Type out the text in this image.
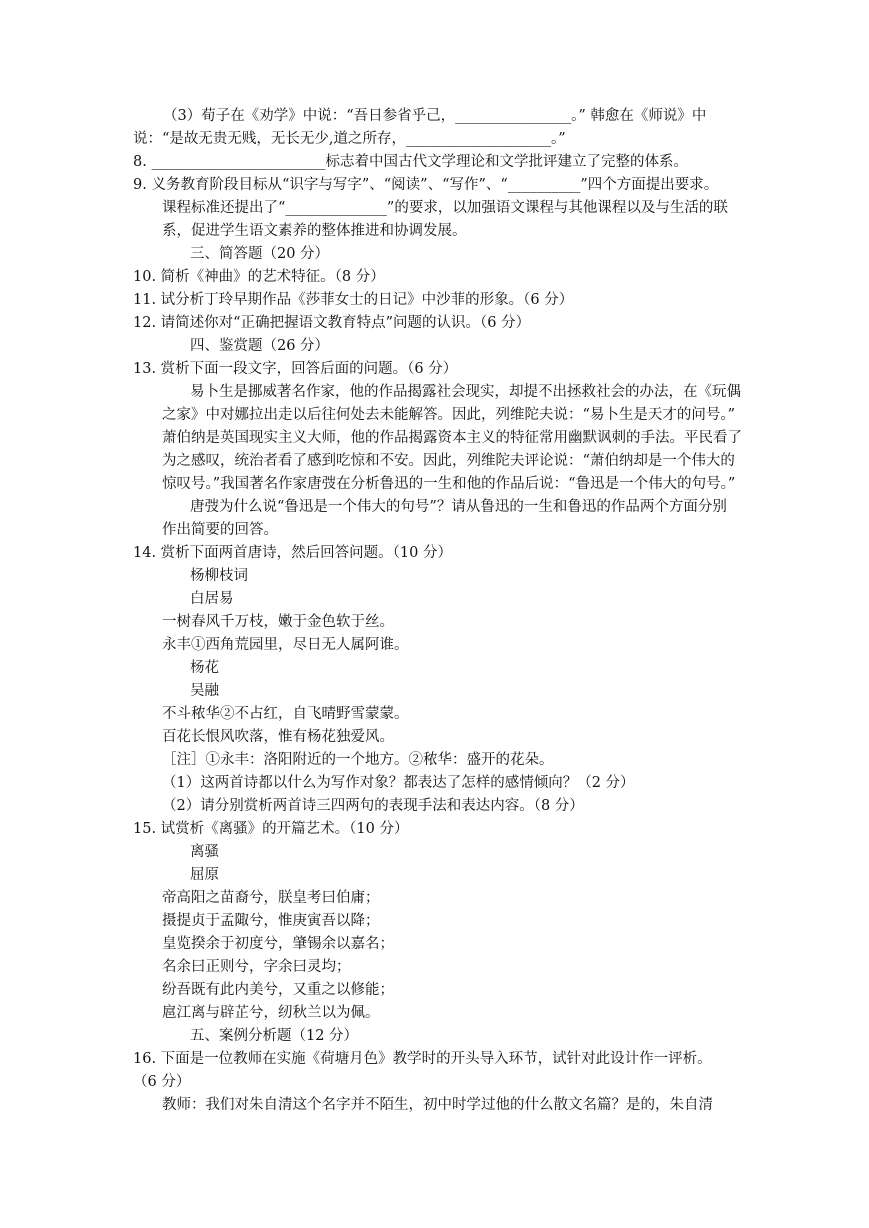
（3）荀子在《劝学》中说：“吾日参省乎己，________________。” 韩愈在《师说》中
说：“是故无贵无贱，无长无少,道之所存，____________________。”
8. ________________________标志着中国古代文学理论和文学批评建立了完整的体系。
9. 义务教育阶段目标从“识字与写字”、“阅读”、“写作”、“__________”四个方面提出要求。
课程标准还提出了“______________”的要求，以加强语文课程与其他课程以及与生活的联
系，促进学生语文素养的整体推进和协调发展。
三、简答题（20 分）
10. 简析《神曲》的艺术特征。（8 分）
11. 试分析丁玲早期作品《莎菲女士的日记》中沙菲的形象。（6 分）
12. 请简述你对“正确把握语文教育特点”问题的认识。（6 分）
四、鉴赏题（26 分）
13. 赏析下面一段文字，回答后面的问题。（6 分）
易卜生是挪威著名作家，他的作品揭露社会现实，却提不出拯救社会的办法，在《玩偶
之家》中对娜拉出走以后往何处去未能解答。因此，列维陀夫说：“易卜生是天才的问号。”
萧伯纳是英国现实主义大师，他的作品揭露资本主义的特征常用幽默讽刺的手法。平民看了
为之感叹，统治者看了感到吃惊和不安。因此，列维陀夫评论说：“萧伯纳却是一个伟大的
惊叹号。”我国著名作家唐弢在分析鲁迅的一生和他的作品后说：“鲁迅是一个伟大的句号。”
唐弢为什么说“鲁迅是一个伟大的句号”？请从鲁迅的一生和鲁迅的作品两个方面分别
作出简要的回答。
14. 赏析下面两首唐诗，然后回答问题。（10 分）
杨柳枝词
白居易
一树春风千万枝，嫩于金色软于丝。
永丰①西角荒园里，尽日无人属阿谁。
杨花
吴融
不斗秾华②不占红，自飞晴野雪蒙蒙。
百花长恨风吹落，惟有杨花独爱风。
［注］①永丰：洛阳附近的一个地方。②秾华：盛开的花朵。
（1）这两首诗都以什么为写作对象？都表达了怎样的感情倾向？（2 分）
（2）请分别赏析两首诗三四两句的表现手法和表达内容。（8 分）
15. 试赏析《离骚》的开篇艺术。（10 分）
离骚
屈原
帝高阳之苗裔兮，朕皇考曰伯庸；
摄提贞于孟陬兮，惟庚寅吾以降；
皇览揆余于初度兮，肇锡余以嘉名；
名余曰正则兮，字余曰灵均；
纷吾既有此内美兮，又重之以修能；
扈江离与辟芷兮，纫秋兰以为佩。
五、案例分析题（12 分）
16. 下面是一位教师在实施《荷塘月色》教学时的开头导入环节，试针对此设计作一评析。
（6 分）
教师：我们对朱自清这个名字并不陌生，初中时学过他的什么散文名篇？是的，朱自清
